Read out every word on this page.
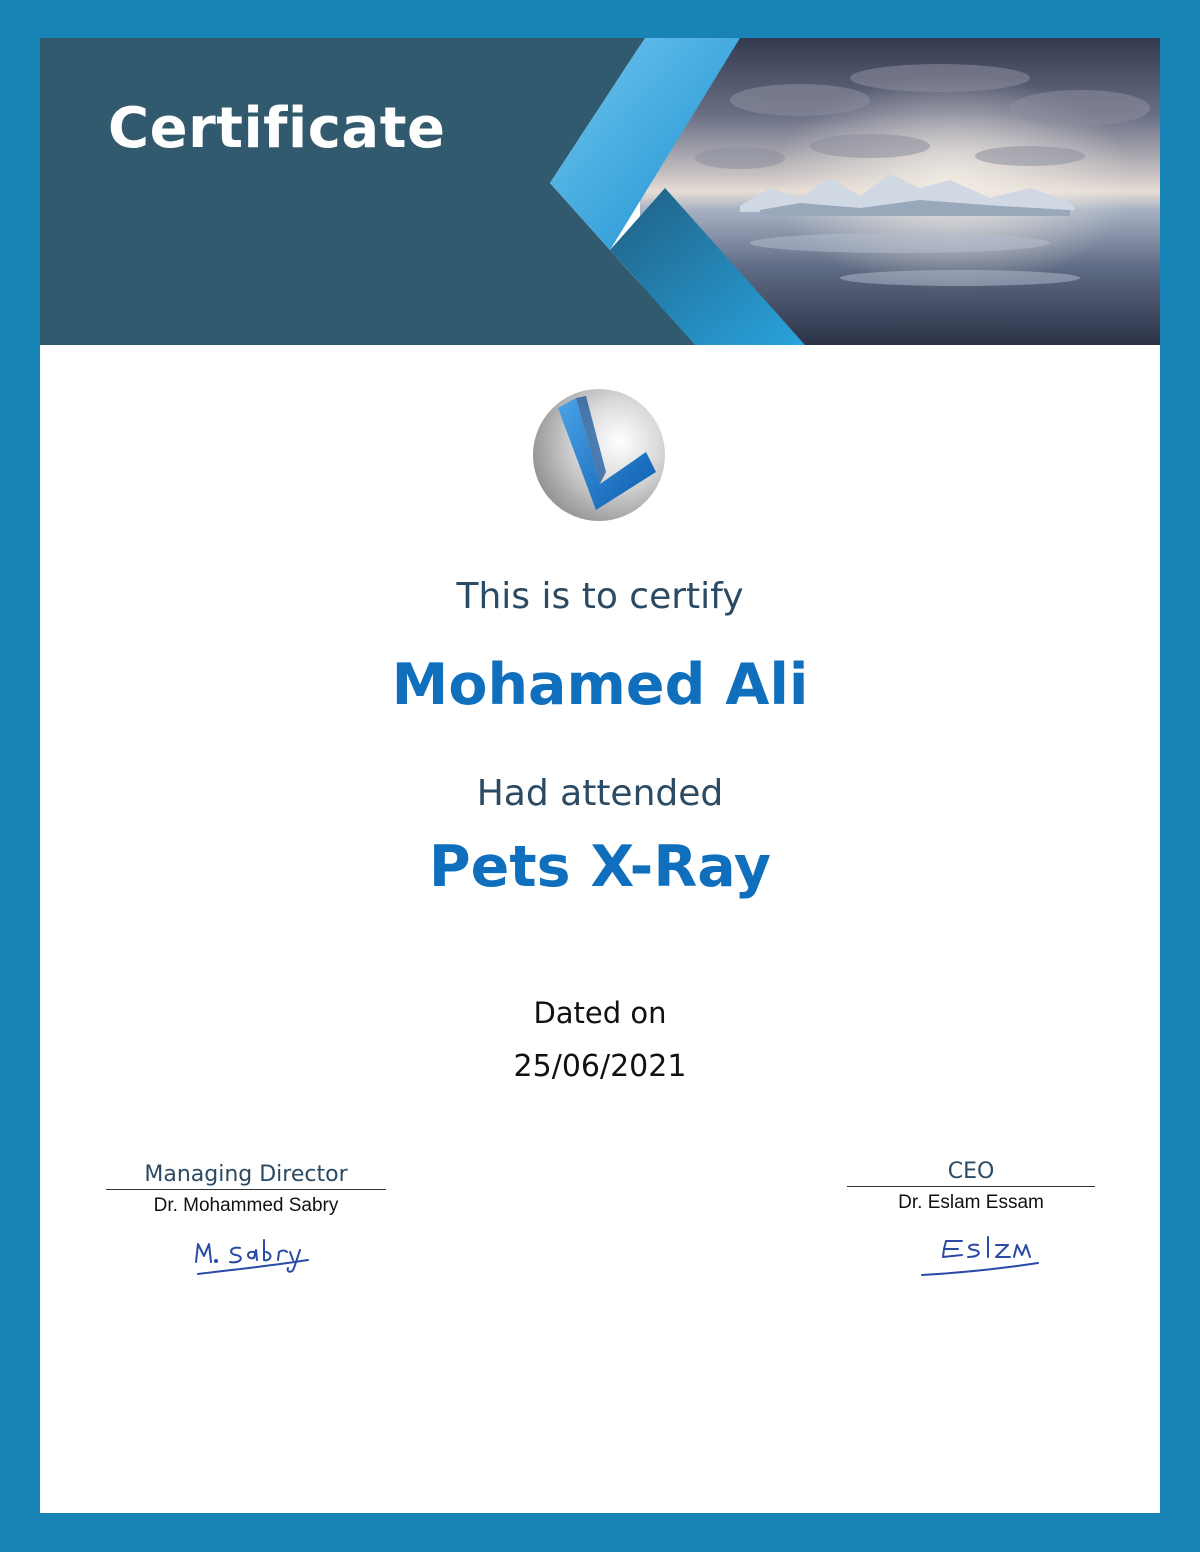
Certificate

This is to certify

Mohamed Ali

Had attended

Pets X-Ray

Dated on

25/06/2021

Managing Director
Dr. Mohammed Sabry
CEO
Dr. Eslam Essam
